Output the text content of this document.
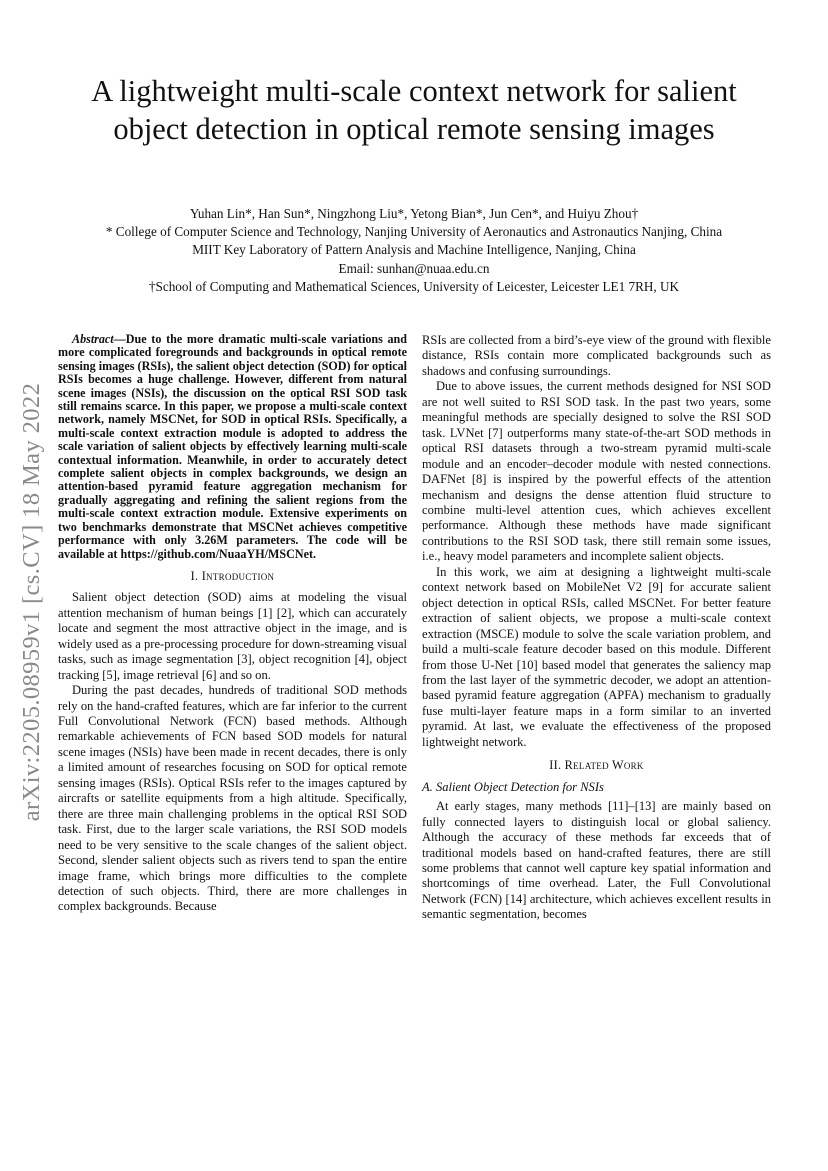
arXiv:2205.08959v1 [cs.CV] 18 May 2022
A lightweight multi-scale context network for salient object detection in optical remote sensing images
Yuhan Lin*, Han Sun*, Ningzhong Liu*, Yetong Bian*, Jun Cen*, and Huiyu Zhou†
* College of Computer Science and Technology, Nanjing University of Aeronautics and Astronautics Nanjing, China
MIIT Key Laboratory of Pattern Analysis and Machine Intelligence, Nanjing, China
Email: sunhan@nuaa.edu.cn
†School of Computing and Mathematical Sciences, University of Leicester, Leicester LE1 7RH, UK

Abstract—Due to the more dramatic multi-scale variations and more complicated foregrounds and backgrounds in optical remote sensing images (RSIs), the salient object detection (SOD) for optical RSIs becomes a huge challenge. However, different from natural scene images (NSIs), the discussion on the optical RSI SOD task still remains scarce. In this paper, we propose a multi-scale context network, namely MSCNet, for SOD in optical RSIs. Specifically, a multi-scale context extraction module is adopted to address the scale variation of salient objects by effectively learning multi-scale contextual information. Meanwhile, in order to accurately detect complete salient objects in complex backgrounds, we design an attention-based pyramid feature aggregation mechanism for gradually aggregating and refining the salient regions from the multi-scale context extraction module. Extensive experiments on two benchmarks demonstrate that MSCNet achieves competitive performance with only 3.26M parameters. The code will be available at https://github.com/NuaaYH/MSCNet.

I. Introduction

Salient object detection (SOD) aims at modeling the visual attention mechanism of human beings [1] [2], which can accurately locate and segment the most attractive object in the image, and is widely used as a pre-processing procedure for down-streaming visual tasks, such as image segmentation [3], object recognition [4], object tracking [5], image retrieval [6] and so on.

During the past decades, hundreds of traditional SOD methods rely on the hand-crafted features, which are far inferior to the current Full Convolutional Network (FCN) based methods. Although remarkable achievements of FCN based SOD models for natural scene images (NSIs) have been made in recent decades, there is only a limited amount of researches focusing on SOD for optical remote sensing images (RSIs). Optical RSIs refer to the images captured by aircrafts or satellite equipments from a high altitude. Specifically, there are three main challenging problems in the optical RSI SOD task. First, due to the larger scale variations, the RSI SOD models need to be very sensitive to the scale changes of the salient object. Second, slender salient objects such as rivers tend to span the entire image frame, which brings more difficulties to the complete detection of such objects. Third, there are more challenges in complex backgrounds. Because

RSIs are collected from a bird’s-eye view of the ground with flexible distance, RSIs contain more complicated backgrounds such as shadows and confusing surroundings.

Due to above issues, the current methods designed for NSI SOD are not well suited to RSI SOD task. In the past two years, some meaningful methods are specially designed to solve the RSI SOD task. LVNet [7] outperforms many state-of-the-art SOD methods in optical RSI datasets through a two-stream pyramid multi-scale module and an encoder–decoder module with nested connections. DAFNet [8] is inspired by the powerful effects of the attention mechanism and designs the dense attention fluid structure to combine multi-level attention cues, which achieves excellent performance. Although these methods have made significant contributions to the RSI SOD task, there still remain some issues, i.e., heavy model parameters and incomplete salient objects.

In this work, we aim at designing a lightweight multi-scale context network based on MobileNet V2 [9] for accurate salient object detection in optical RSIs, called MSCNet. For better feature extraction of salient objects, we propose a multi-scale context extraction (MSCE) module to solve the scale variation problem, and build a multi-scale feature decoder based on this module. Different from those U-Net [10] based model that generates the saliency map from the last layer of the symmetric decoder, we adopt an attention-based pyramid feature aggregation (APFA) mechanism to gradually fuse multi-layer feature maps in a form similar to an inverted pyramid. At last, we evaluate the effectiveness of the proposed lightweight network.

II. Related Work
A. Salient Object Detection for NSIs

At early stages, many methods [11]–[13] are mainly based on fully connected layers to distinguish local or global saliency. Although the accuracy of these methods far exceeds that of traditional models based on hand-crafted features, there are still some problems that cannot well capture key spatial information and shortcomings of time overhead. Later, the Full Convolutional Network (FCN) [14] architecture, which achieves excellent results in semantic segmentation, becomes
